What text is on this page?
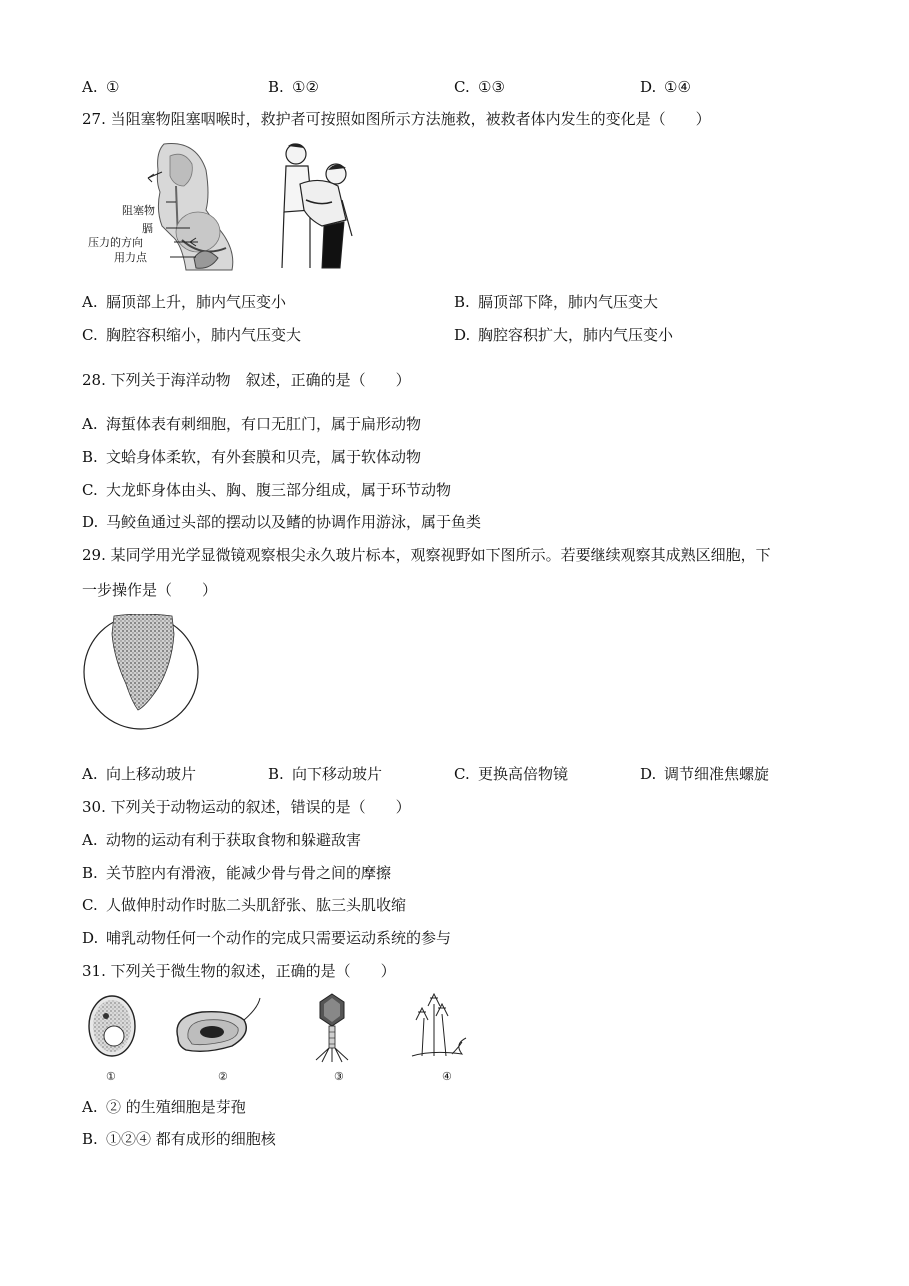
A. ①	B. ①②	C. ①③	D. ①④
27. 当阻塞物阻塞咽喉时，救护者可按照如图所示方法施救，被救者体内发生的变化是（　　）
阻塞物
膈
压力的方向
用力点
A. 膈顶部上升，肺内气压变小	B. 膈顶部下降，肺内气压变大
C. 胸腔容积缩小，肺内气压变大	D. 胸腔容积扩大，肺内气压变小
28. 下列关于海洋动物　叙述，正确的是（　　）
A. 海蜇体表有刺细胞，有口无肛门，属于扁形动物
B. 文蛤身体柔软，有外套膜和贝壳，属于软体动物
C. 大龙虾身体由头、胸、腹三部分组成，属于环节动物
D. 马鲛鱼通过头部的摆动以及鳍的协调作用游泳，属于鱼类
29. 某同学用光学显微镜观察根尖永久玻片标本，观察视野如下图所示。若要继续观察其成熟区细胞，下
一步操作是（　　）
A. 向上移动玻片	B. 向下移动玻片	C. 更换高倍物镜	D. 调节细准焦螺旋
30. 下列关于动物运动的叙述，错误的是（　　）
A. 动物的运动有利于获取食物和躲避敌害
B. 关节腔内有滑液，能减少骨与骨之间的摩擦
C. 人做伸肘动作时肱二头肌舒张、肱三头肌收缩
D. 哺乳动物任何一个动作的完成只需要运动系统的参与
31. 下列关于微生物的叙述，正确的是（　　）
①	②	③	④
A. ② 的生殖细胞是芽孢
B. ①②④ 都有成形的细胞核
